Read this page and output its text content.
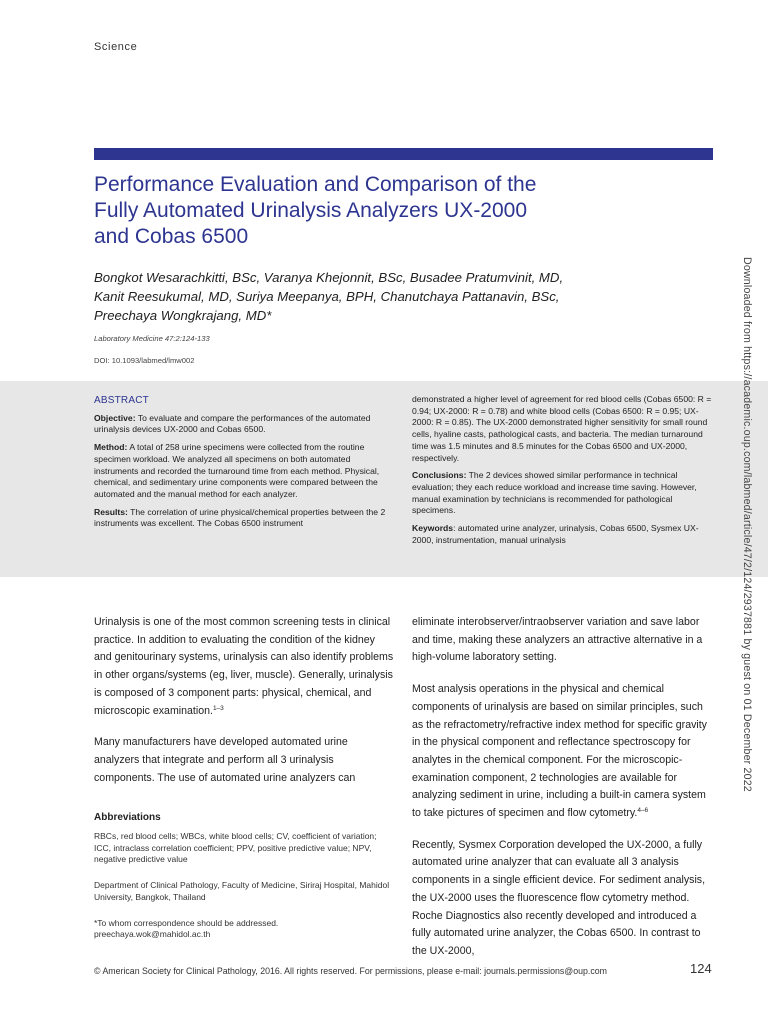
Science
Performance Evaluation and Comparison of the
Fully Automated Urinalysis Analyzers UX-2000
and Cobas 6500
Bongkot Wesarachkitti, BSc, Varanya Khejonnit, BSc, Busadee Pratumvinit, MD,
Kanit Reesukumal, MD, Suriya Meepanya, BPH, Chanutchaya Pattanavin, BSc,
Preechaya Wongkrajang, MD*
Laboratory Medicine 47:2:124-133
DOI: 10.1093/labmed/lmw002
ABSTRACT

Objective: To evaluate and compare the performances of the automated urinalysis devices UX-2000 and Cobas 6500.

Method: A total of 258 urine specimens were collected from the routine specimen workload. We analyzed all specimens on both automated instruments and recorded the turnaround time from each method. Physical, chemical, and sedimentary urine components were compared between the automated and the manual method for each analyzer.

Results: The correlation of urine physical/chemical properties between the 2 instruments was excellent. The Cobas 6500 instrument

demonstrated a higher level of agreement for red blood cells (Cobas 6500: R = 0.94; UX-2000: R = 0.78) and white blood cells (Cobas 6500: R = 0.95; UX-2000: R = 0.85). The UX-2000 demonstrated higher sensitivity for small round cells, hyaline casts, pathological casts, and bacteria. The median turnaround time was 1.5 minutes and 8.5 minutes for the Cobas 6500 and UX-2000, respectively.

Conclusions: The 2 devices showed similar performance in technical evaluation; they each reduce workload and increase time saving. However, manual examination by technicians is recommended for pathological specimens.

Keywords: automated urine analyzer, urinalysis, Cobas 6500, Sysmex UX-2000, instrumentation, manual urinalysis

Urinalysis is one of the most common screening tests in clinical practice. In addition to evaluating the condition of the kidney and genitourinary systems, urinalysis can also identify problems in other organs/systems (eg, liver, muscle). Generally, urinalysis is composed of 3 component parts: physical, chemical, and microscopic examination.$^{1-3}$

Many manufacturers have developed automated urine analyzers that integrate and perform all 3 urinalysis components. The use of automated urine analyzers can

Abbreviations

RBCs, red blood cells; WBCs, white blood cells; CV, coefficient of variation; ICC, intraclass correlation coefficient; PPV, positive predictive value; NPV, negative predictive value

Department of Clinical Pathology, Faculty of Medicine, Siriraj Hospital, Mahidol University, Bangkok, Thailand

*To whom correspondence should be addressed.
preechaya.wok@mahidol.ac.th

eliminate interobserver/intraobserver variation and save labor and time, making these analyzers an attractive alternative in a high-volume laboratory setting.

Most analysis operations in the physical and chemical components of urinalysis are based on similar principles, such as the refractometry/refractive index method for specific gravity in the physical component and reflectance spectroscopy for analytes in the chemical component. For the microscopic-examination component, 2 technologies are available for analyzing sediment in urine, including a built-in camera system to take pictures of specimen and flow cytometry.$^{4-6}$

Recently, Sysmex Corporation developed the UX-2000, a fully automated urine analyzer that can evaluate all 3 analysis components in a single efficient device. For sediment analysis, the UX-2000 uses the fluorescence flow cytometry method. Roche Diagnostics also recently developed and introduced a fully automated urine analyzer, the Cobas 6500. In contrast to the UX-2000,

Downloaded from https://academic.oup.com/labmed/article/47/2/124/2937881 by guest on 01 December 2022
© American Society for Clinical Pathology, 2016. All rights reserved. For permissions, please e-mail: journals.permissions@oup.com	124
